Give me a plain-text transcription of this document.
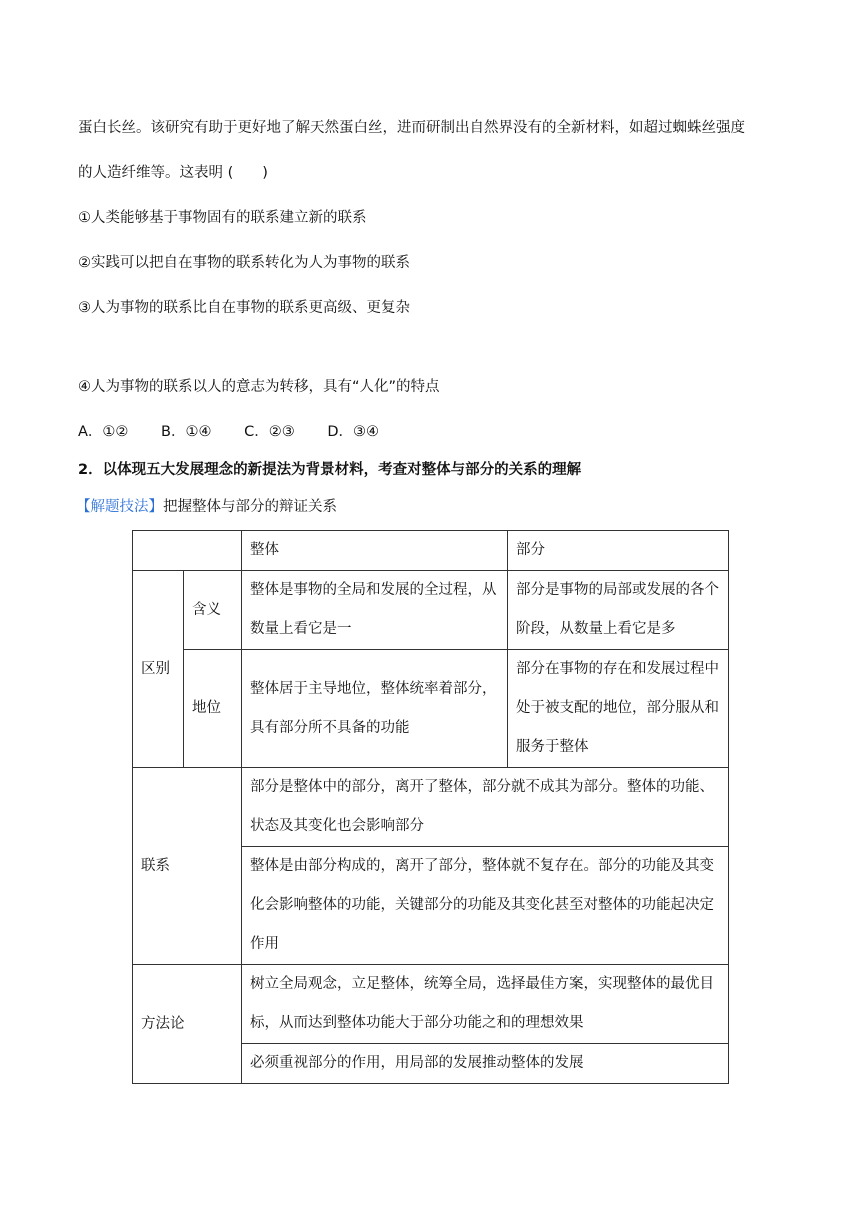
蛋白长丝。该研究有助于更好地了解天然蛋白丝，进而研制出自然界没有的全新材料，如超过蜘蛛丝强度
的人造纤维等。这表明 (　　)
①人类能够基于事物固有的联系建立新的联系
②实践可以把自在事物的联系转化为人为事物的联系
③人为事物的联系比自在事物的联系更高级、更复杂
④人为事物的联系以人的意志为转移，具有“人化”的特点
A．①② B．①④ C．②③ D．③④
2．以体现五大发展理念的新提法为背景材料，考查对整体与部分的关系的理解
【解题技法】把握整体与部分的辩证关系
		整体	部分
区别	含义	整体是事物的全局和发展的全过程，从数量上看它是一	部分是事物的局部或发展的各个阶段，从数量上看它是多

	地位	整体居于主导地位，整体统率着部分，具有部分所不具备的功能	部分在事物的存在和发展过程中处于被支配的地位，部分服从和服务于整体

联系		部分是整体中的部分，离开了整体，部分就不成其为部分。整体的功能、状态及其变化也会影响部分	

		整体是由部分构成的，离开了部分，整体就不复存在。部分的功能及其变化会影响整体的功能，关键部分的功能及其变化甚至对整体的功能起决定作用	

方法论		树立全局观念，立足整体，统筹全局，选择最佳方案，实现整体的最优目标，从而达到整体功能大于部分功能之和的理想效果	

		必须重视部分的作用，用局部的发展推动整体的发展	
